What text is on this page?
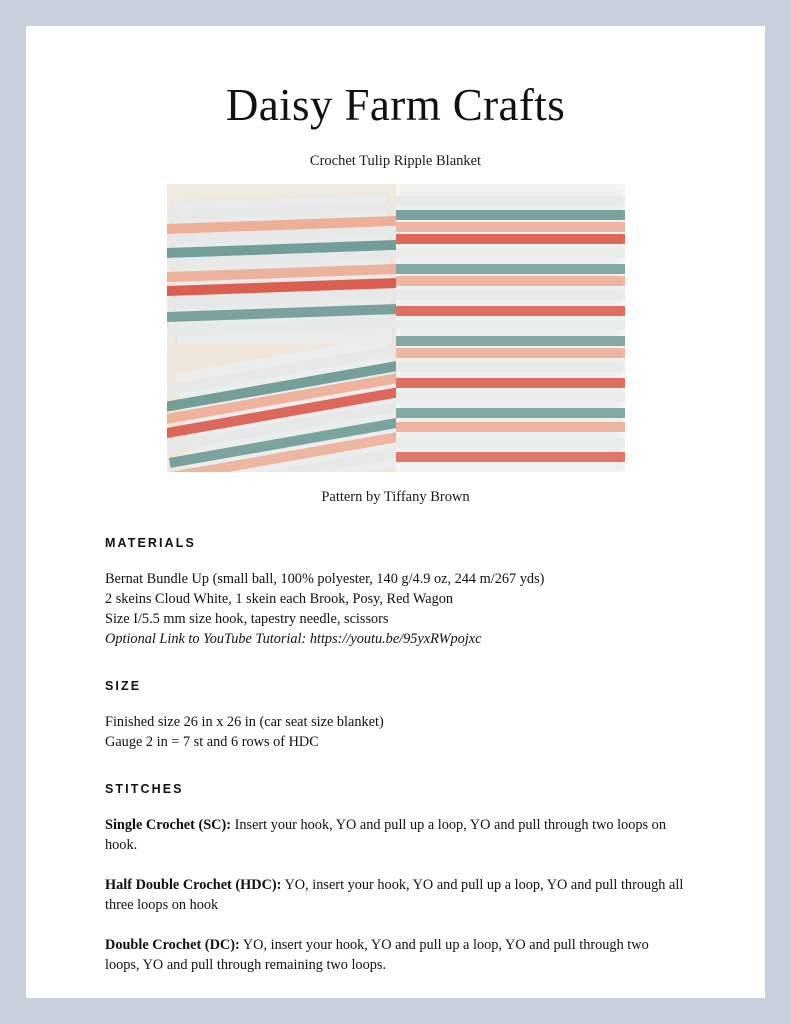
Daisy Farm Crafts
Crochet Tulip Ripple Blanket
Pattern by Tiffany Brown
MATERIALS
Bernat Bundle Up (small ball, 100% polyester, 140 g/4.9 oz, 244 m/267 yds)
2 skeins Cloud White, 1 skein each Brook, Posy, Red Wagon
Size I/5.5 mm size hook, tapestry needle, scissors
Optional Link to YouTube Tutorial: https://youtu.be/95yxRWpojxc
SIZE
Finished size 26 in x 26 in (car seat size blanket)
Gauge 2 in = 7 st and 6 rows of HDC
STITCHES

Single Crochet (SC): Insert your hook, YO and pull up a loop, YO and pull through two loops on hook.

Half Double Crochet (HDC): YO, insert your hook, YO and pull up a loop, YO and pull through all three loops on hook

Double Crochet (DC): YO, insert your hook, YO and pull up a loop, YO and pull through two loops, YO and pull through remaining two loops.
